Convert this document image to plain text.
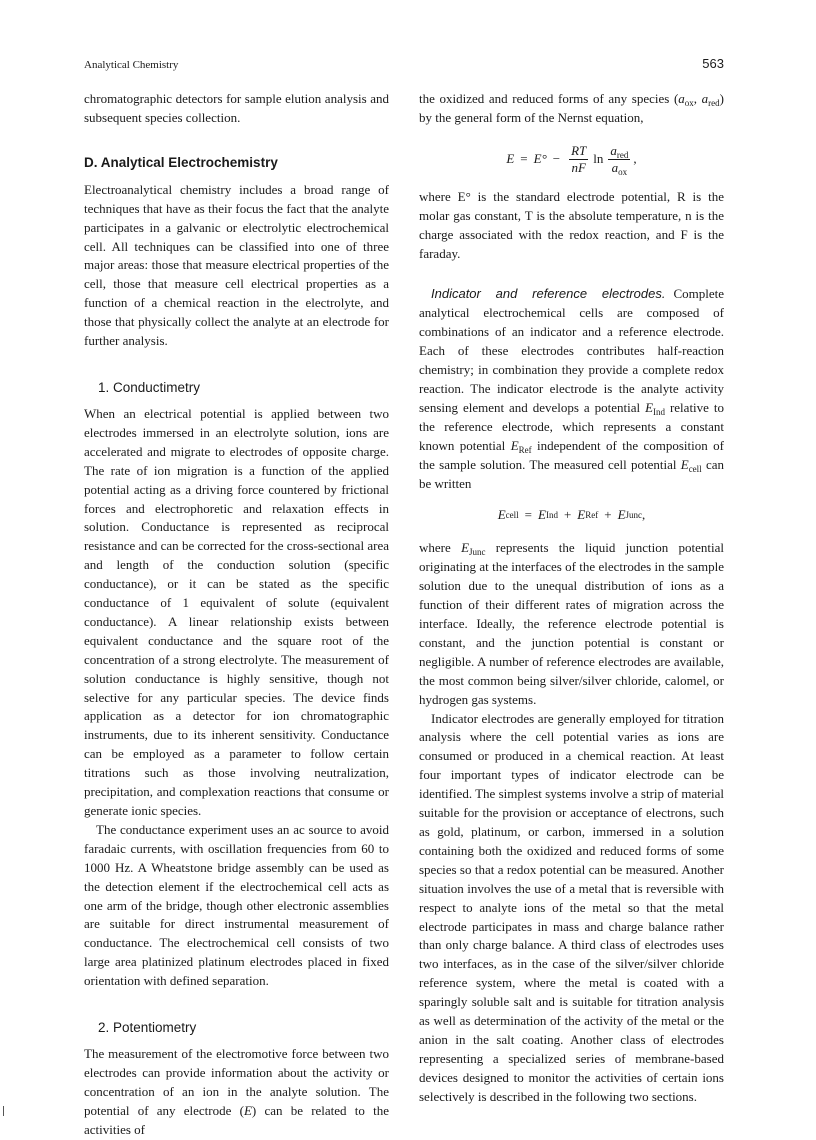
Analytical Chemistry	563

chromatographic detectors for sample elution analysis and subsequent species collection.

D. Analytical Electrochemistry

Electroanalytical chemistry includes a broad range of techniques that have as their focus the fact that the analyte participates in a galvanic or electrolytic electrochemical cell. All techniques can be classified into one of three major areas: those that measure electrical properties of the cell, those that measure cell electrical properties as a function of a chemical reaction in the electrolyte, and those that physically collect the analyte at an electrode for further analysis.

1. Conductimetry

When an electrical potential is applied between two electrodes immersed in an electrolyte solution, ions are accelerated and migrate to electrodes of opposite charge. The rate of ion migration is a function of the applied potential acting as a driving force countered by frictional forces and electrophoretic and relaxation effects in solution. Conductance is represented as reciprocal resistance and can be corrected for the cross-sectional area and length of the conduction solution (specific conductance), or it can be stated as the specific conductance of 1 equivalent of solute (equivalent conductance). A linear relationship exists between equivalent conductance and the square root of the concentration of a strong electrolyte. The measurement of solution conductance is highly sensitive, though not selective for any particular species. The device finds application as a detector for ion chromatographic instruments, due to its inherent sensitivity. Conductance can be employed as a parameter to follow certain titrations such as those involving neutralization, precipitation, and complexation reactions that consume or generate ionic species.

The conductance experiment uses an ac source to avoid faradaic currents, with oscillation frequencies from 60 to 1000 Hz. A Wheatstone bridge assembly can be used as the detection element if the electrochemical cell acts as one arm of the bridge, though other electronic assemblies are suitable for direct instrumental measurement of conductance. The electrochemical cell consists of two large area platinized platinum electrodes placed in fixed orientation with defined separation.

2. Potentiometry

The measurement of the electromotive force between two electrodes can provide information about the activity or concentration of an ion in the analyte solution. The potential of any electrode (E) can be related to the activities of

the oxidized and reduced forms of any species ($a_{ox}$, $a_{red}$) by the general form of the Nernst equation,

$E = E^\circ - \frac{RT}{nF}$ $\ln \frac{a_{red}}{a_{ox}}$ ,

where E° is the standard electrode potential, R is the molar gas constant, T is the absolute temperature, n is the charge associated with the redox reaction, and F is the faraday.

Indicator and reference electrodes. Complete analytical electrochemical cells are composed of combinations of an indicator and a reference electrode. Each of these electrodes contributes half-reaction chemistry; in combination they provide a complete redox reaction. The indicator electrode is the analyte activity sensing element and develops a potential $E_{Ind}$ relative to the reference electrode, which represents a constant known potential $E_{Ref}$ independent of the composition of the sample solution. The measured cell potential $E_{cell}$ can be written

E cell = E Ind + E Ref + E Junc ,

where $E_{Junc}$ represents the liquid junction potential originating at the interfaces of the electrodes in the sample solution due to the unequal distribution of ions as a function of their different rates of migration across the interface. Ideally, the reference electrode potential is constant, and the junction potential is constant or negligible. A number of reference electrodes are available, the most common being silver/silver chloride, calomel, or hydrogen gas systems.

Indicator electrodes are generally employed for titration analysis where the cell potential varies as ions are consumed or produced in a chemical reaction. At least four important types of indicator electrode can be identified. The simplest systems involve a strip of material suitable for the provision or acceptance of electrons, such as gold, platinum, or carbon, immersed in a solution containing both the oxidized and reduced forms of some species so that a redox potential can be measured. Another situation involves the use of a metal that is reversible with respect to analyte ions of the metal so that the metal electrode participates in mass and charge balance rather than only charge balance. A third class of electrodes uses two interfaces, as in the case of the silver/silver chloride reference system, where the metal is coated with a sparingly soluble salt and is suitable for titration analysis as well as determination of the activity of the metal or the anion in the salt coating. Another class of electrodes representing a specialized series of membrane-based devices designed to monitor the activities of certain ions selectively is described in the following two sections.
